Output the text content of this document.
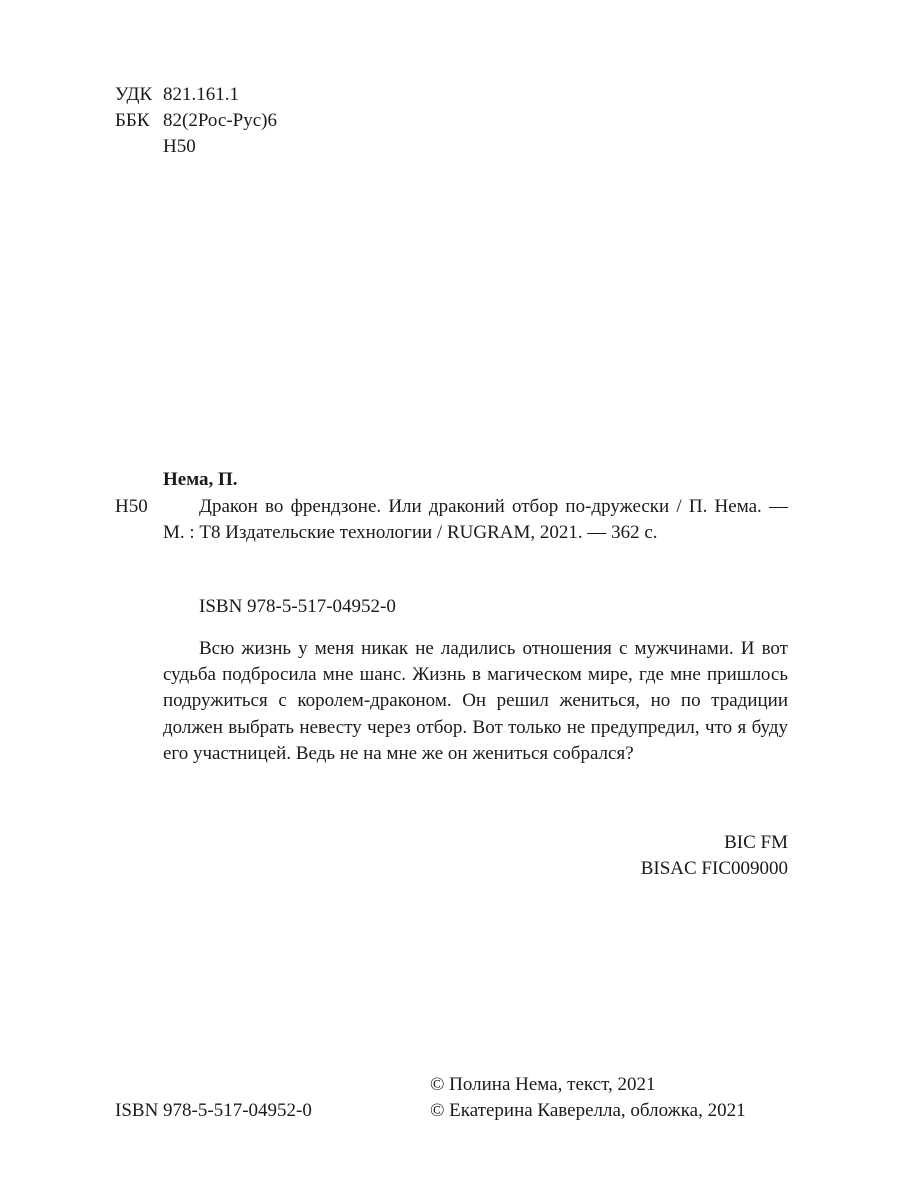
УДК 821.161.1
ББК 82(2Рос-Рус)6
Н50
Нема, П.
Н50	Дракон во френдзоне. Или драконий отбор по-дружески / П. Нема. — М. : Т8 Издательские технологии / RUGRAM, 2021. — 362 с.
ISBN 978-5-517-04952-0
Всю жизнь у меня никак не ладились отношения с мужчинами. И вот судьба подбросила мне шанс. Жизнь в магическом мире, где мне пришлось подружиться с королем-драконом. Он решил жениться, но по традиции должен выбрать невесту через отбор. Вот только не предупредил, что я буду его участницей. Ведь не на мне же он жениться собрался?
BIC FM
BISAC FIC009000
© Полина Нема, текст, 2021
ISBN 978-5-517-04952-0	© Екатерина Каверелла, обложка, 2021
